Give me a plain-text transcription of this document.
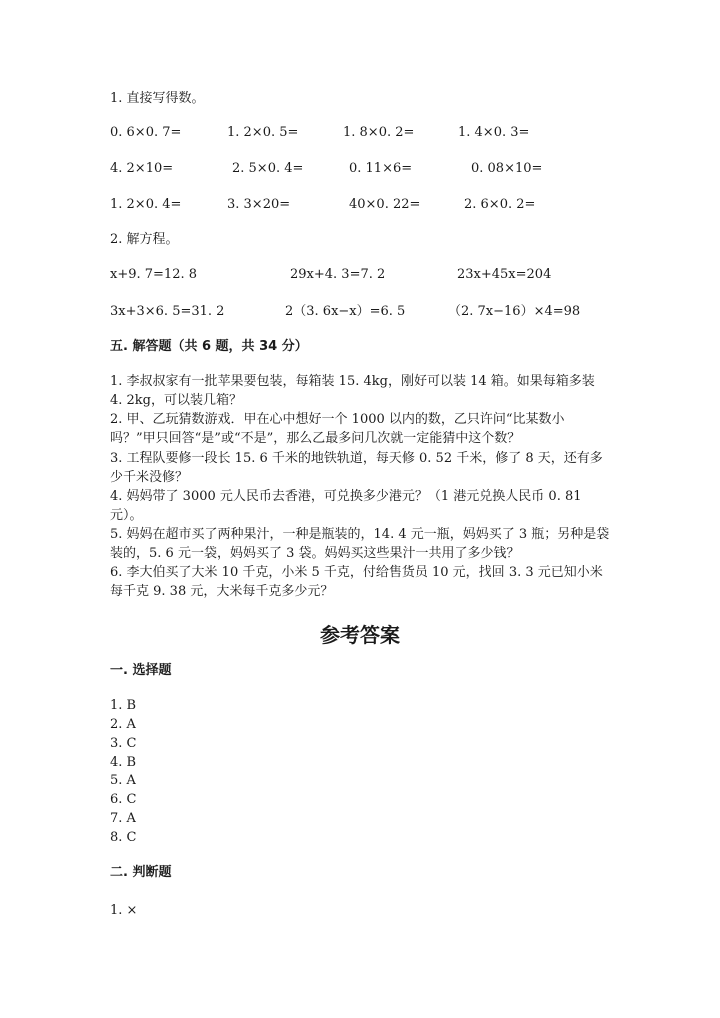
1. 直接写得数。
0. 6×0. 7=	1. 2×0. 5=	1. 8×0. 2=	1. 4×0. 3=
4. 2×10=	2. 5×0. 4=	0. 11×6=	0. 08×10=
1. 2×0. 4=	3. 3×20=	40×0. 22=	2. 6×0. 2=
2. 解方程。
x+9. 7=12. 8	29x+4. 3=7. 2	23x+45x=204
3x+3×6. 5=31. 2	2（3. 6x−x）=6. 5	（2. 7x−16）×4=98
五. 解答题（共 6 题，共 34 分）
1. 李叔叔家有一批苹果要包装，每箱装 15. 4kg，刚好可以装 14 箱。如果每箱多装 4. 2kg，可以装几箱？
2. 甲、乙玩猜数游戏．甲在心中想好一个 1000 以内的数，乙只许问“比某数小吗？”甲只回答“是”或“不是”，那么乙最多问几次就一定能猜中这个数？
3. 工程队要修一段长 15. 6 千米的地铁轨道，每天修 0. 52 千米，修了 8 天，还有多少千米没修？
4. 妈妈带了 3000 元人民币去香港，可兑换多少港元？（1 港元兑换人民币 0. 81 元）。
5. 妈妈在超市买了两种果汁，一种是瓶装的，14. 4 元一瓶，妈妈买了 3 瓶；另种是袋装的，5. 6 元一袋，妈妈买了 3 袋。妈妈买这些果汁一共用了多少钱？
6. 李大伯买了大米 10 千克，小米 5 千克，付给售货员 10 元，找回 3. 3 元已知小米每千克 9. 38 元，大米每千克多少元？
参考答案
一. 选择题
1. B
2. A
3. C
4. B
5. A
6. C
7. A
8. C
二. 判断题
1. ×
